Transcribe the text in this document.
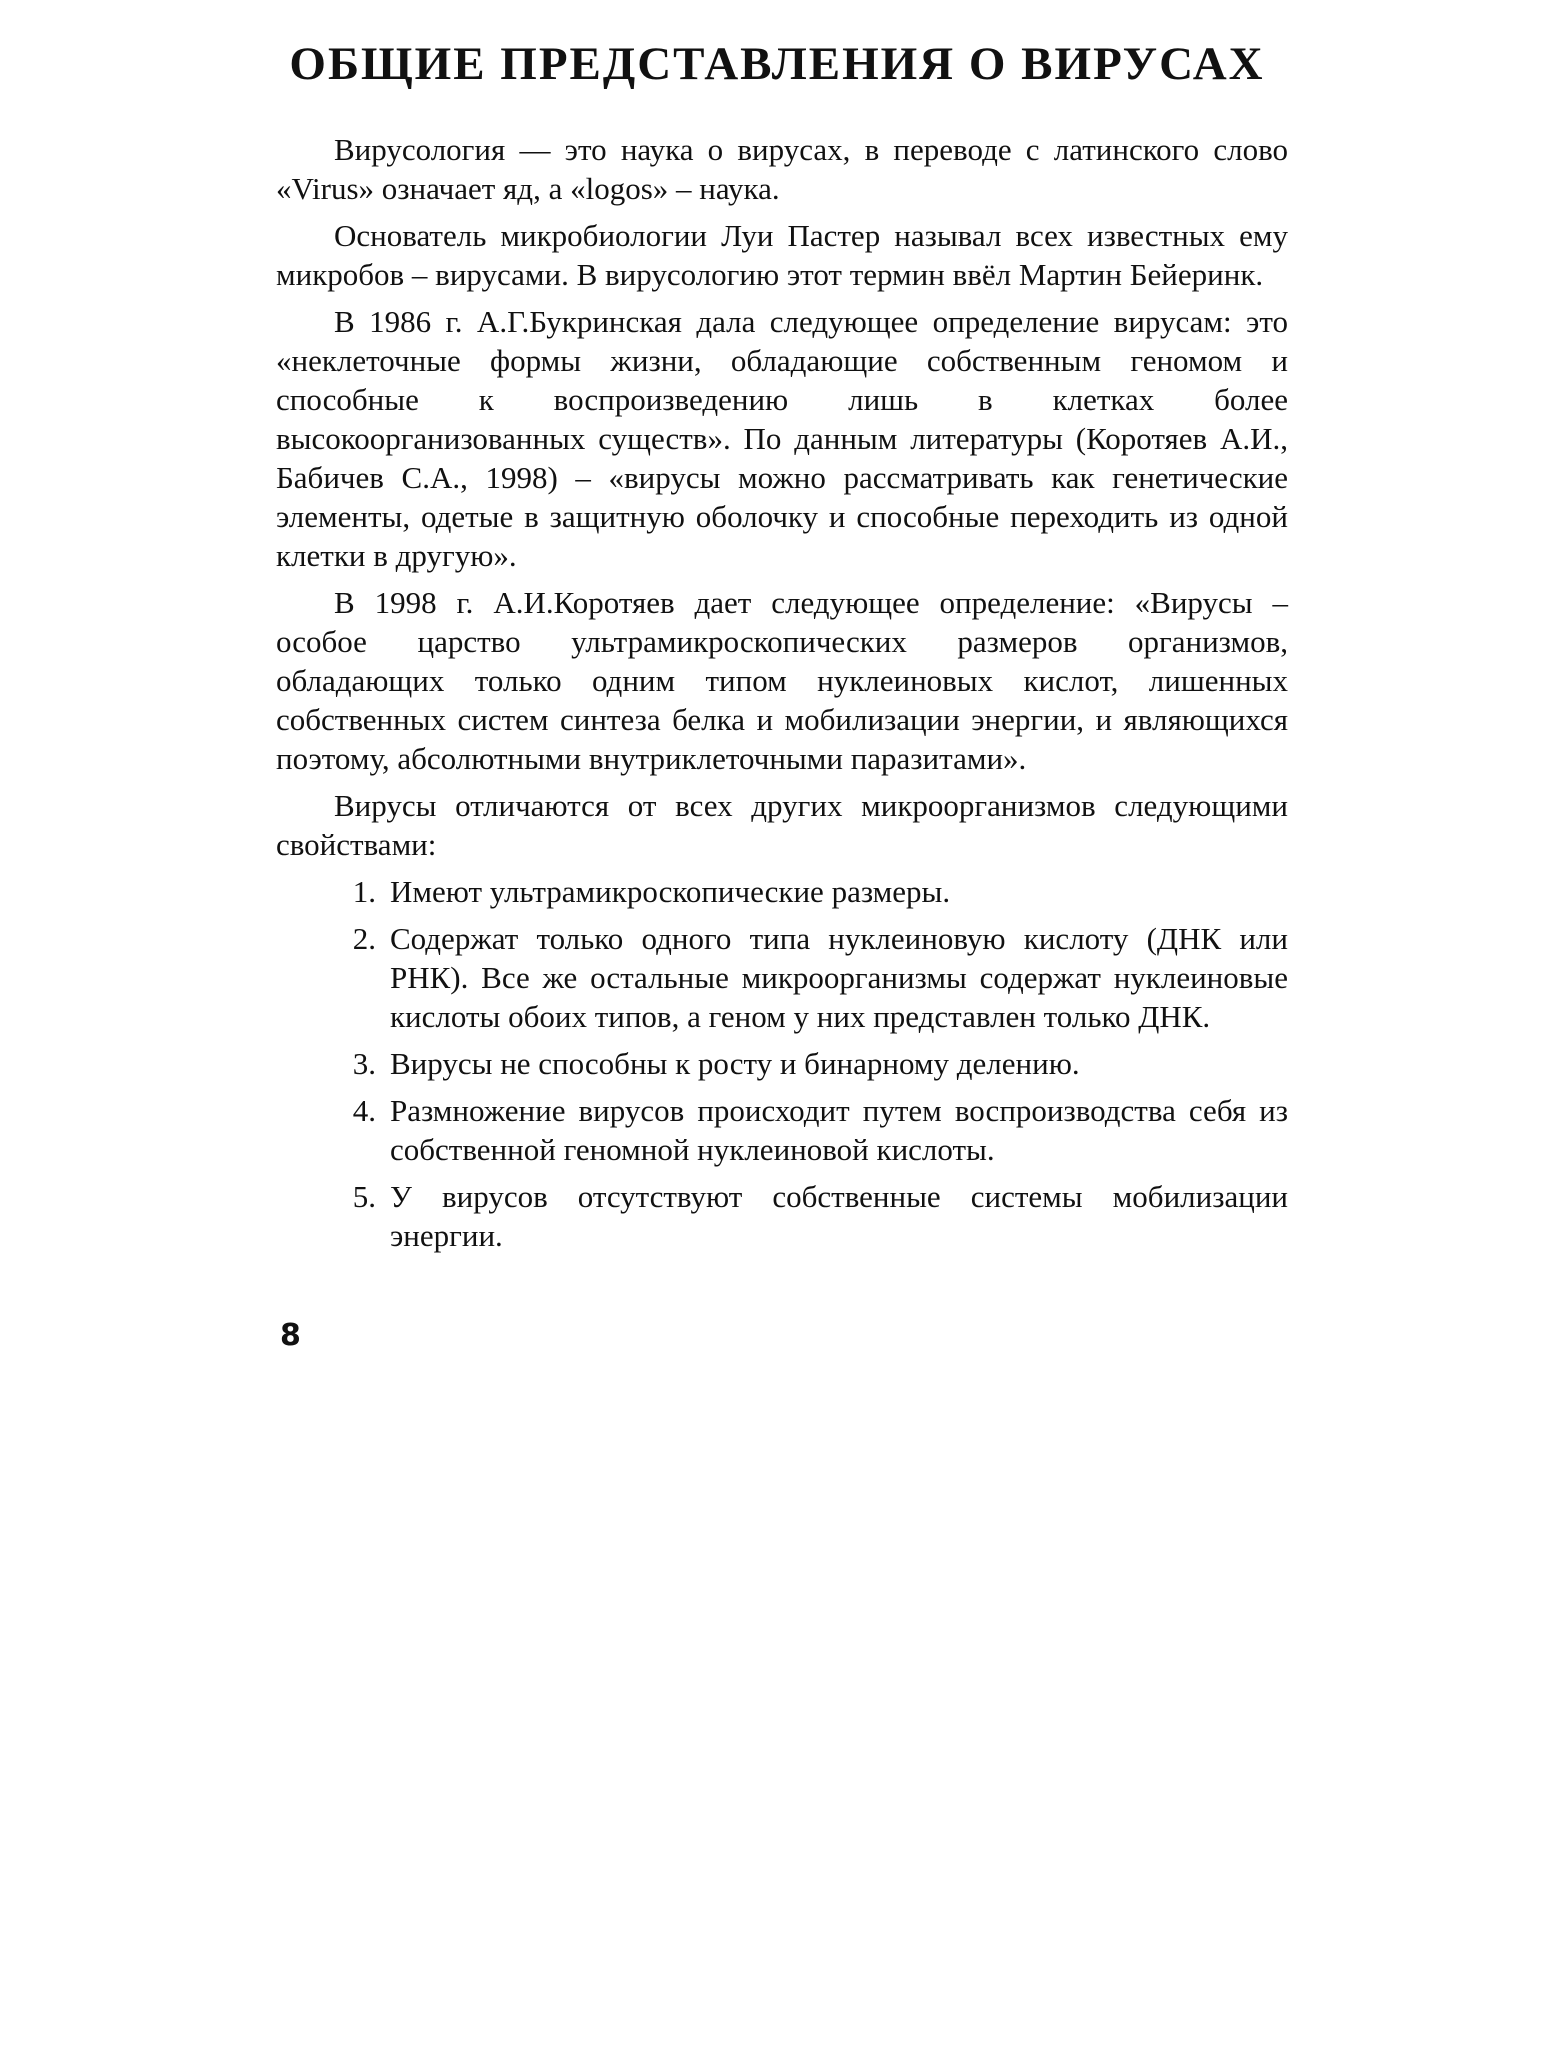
ОБЩИЕ ПРЕДСТАВЛЕНИЯ О ВИРУСАХ

Вирусология — это наука о вирусах, в переводе с латинского слово «Virus» означает яд, а «logos» – наука.

Основатель микробиологии Луи Пастер называл всех известных ему микробов – вирусами. В вирусологию этот термин ввёл Мартин Бейеринк.

В 1986 г. А.Г.Букринская дала следующее определение вирусам: это «неклеточные формы жизни, обладающие собственным геномом и способные к воспроизведению лишь в клетках более высокоорганизованных существ». По данным литературы (Коротяев А.И., Бабичев С.А., 1998) – «вирусы можно рассматривать как генетические элементы, одетые в защитную оболочку и способные переходить из одной клетки в другую».

В 1998 г. А.И.Коротяев дает следующее определение: «Вирусы – особое царство ультрамикроскопических размеров организмов, обладающих только одним типом нуклеиновых кислот, лишенных собственных систем синтеза белка и мобилизации энергии, и являющихся поэтому, абсолютными внутриклеточными паразитами».

Вирусы отличаются от всех других микроорганизмов следующими свойствами:

1. Имеют ультрамикроскопические размеры.
2. Содержат только одного типа нуклеиновую кислоту (ДНК или РНК). Все же остальные микроорганизмы содержат нуклеиновые кислоты обоих типов, а геном у них представлен только ДНК.
3. Вирусы не способны к росту и бинарному делению.
4. Размножение вирусов происходит путем воспроизводства себя из собственной геномной нуклеиновой кислоты.
5. У вирусов отсутствуют собственные системы мобилизации энергии.
8
